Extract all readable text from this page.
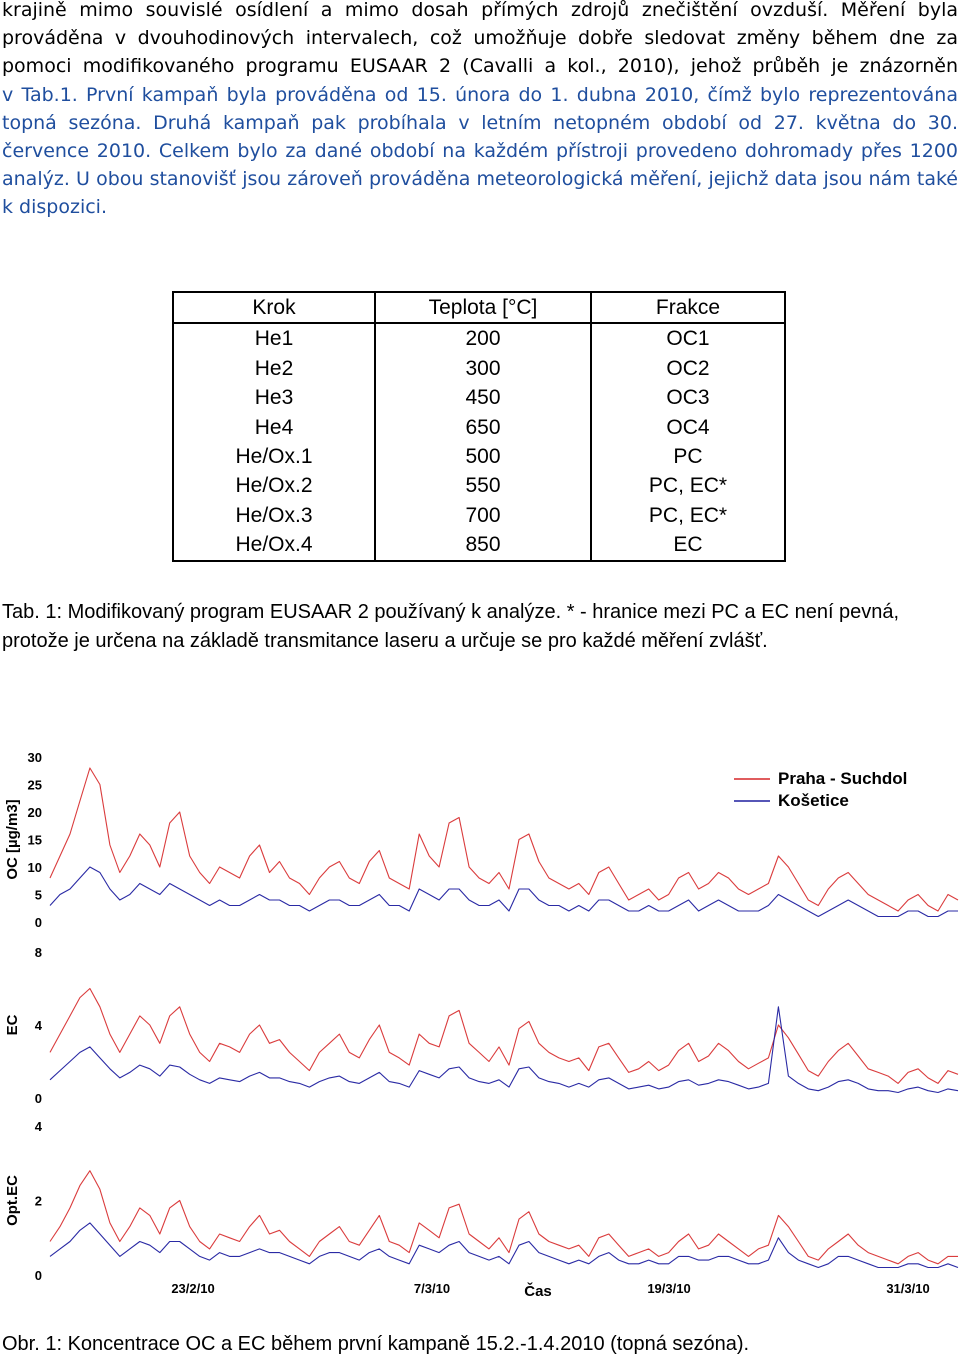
krajině mimo souvislé osídlení a mimo dosah přímých zdrojů znečištění ovzduší. Měření byla
prováděna v dvouhodinových intervalech, což umožňuje dobře sledovat změny během dne za
pomoci modifikovaného programu EUSAAR 2 (Cavalli a kol., 2010), jehož průběh je znázorněn
v Tab.1. První kampaň byla prováděna od 15. února do 1. dubna 2010, čímž bylo reprezentována
topná sezóna. Druhá kampaň pak probíhala v letním netopném období od 27. května do 30.
července 2010. Celkem bylo za dané období na každém přístroji provedeno dohromady přes 1200
analýz. U obou stanovišť jsou zároveň prováděna meteorologická měření, jejichž data jsou nám také
k dispozici.
Krok	Teplota [°C]	Frakce
He1	200	OC1
He2	300	OC2
He3	450	OC3
He4	650	OC4
He/Ox.1	500	PC
He/Ox.2	550	PC, EC*
He/Ox.3	700	PC, EC*
He/Ox.4	850	EC
Tab. 1: Modifikovaný program EUSAAR 2 používaný k analýze. * - hranice mezi PC a EC není pevná,
protože je určena na základě transmitance laseru a určuje se pro každé měření zvlášť.
0
5
10
15
20
25
30
OC [µg/m3]
0
4
8
EC
0
2
4
Opt.EC
23/2/10	7/3/10	19/3/10	31/3/10
Čas
Praha - Suchdol
Košetice
Obr. 1: Koncentrace OC a EC během první kampaně 15.2.-1.4.2010 (topná sezóna).
